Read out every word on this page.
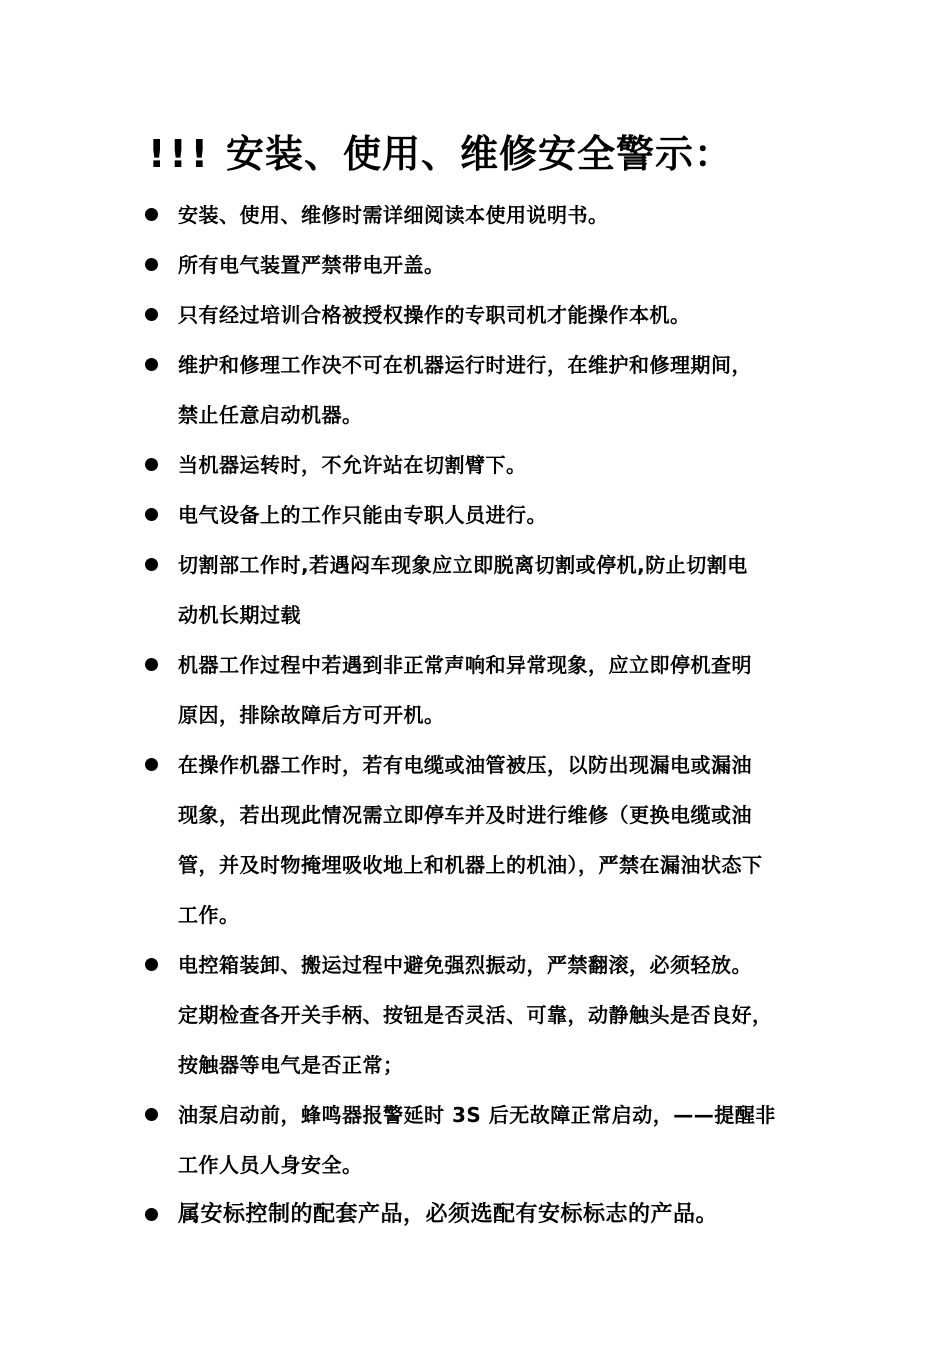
!!! 安装、使用、维修安全警示：
安装、使用、维修时需详细阅读本使用说明书。
所有电气装置严禁带电开盖。
只有经过培训合格被授权操作的专职司机才能操作本机。
维护和修理工作决不可在机器运行时进行，在维护和修理期间，
禁止任意启动机器。
当机器运转时，不允许站在切割臂下。
电气设备上的工作只能由专职人员进行。
切割部工作时,若遇闷车现象应立即脱离切割或停机,防止切割电
动机长期过载
机器工作过程中若遇到非正常声响和异常现象，应立即停机查明
原因，排除故障后方可开机。
在操作机器工作时，若有电缆或油管被压，以防出现漏电或漏油
现象，若出现此情况需立即停车并及时进行维修（更换电缆或油
管，并及时物掩埋吸收地上和机器上的机油），严禁在漏油状态下
工作。
电控箱装卸、搬运过程中避免强烈振动，严禁翻滚，必须轻放。
定期检查各开关手柄、按钮是否灵活、可靠，动静触头是否良好，
按触器等电气是否正常；
油泵启动前，蜂鸣器报警延时 3S 后无故障正常启动，——提醒非
工作人员人身安全。
属安标控制的配套产品，必须选配有安标标志的产品。
